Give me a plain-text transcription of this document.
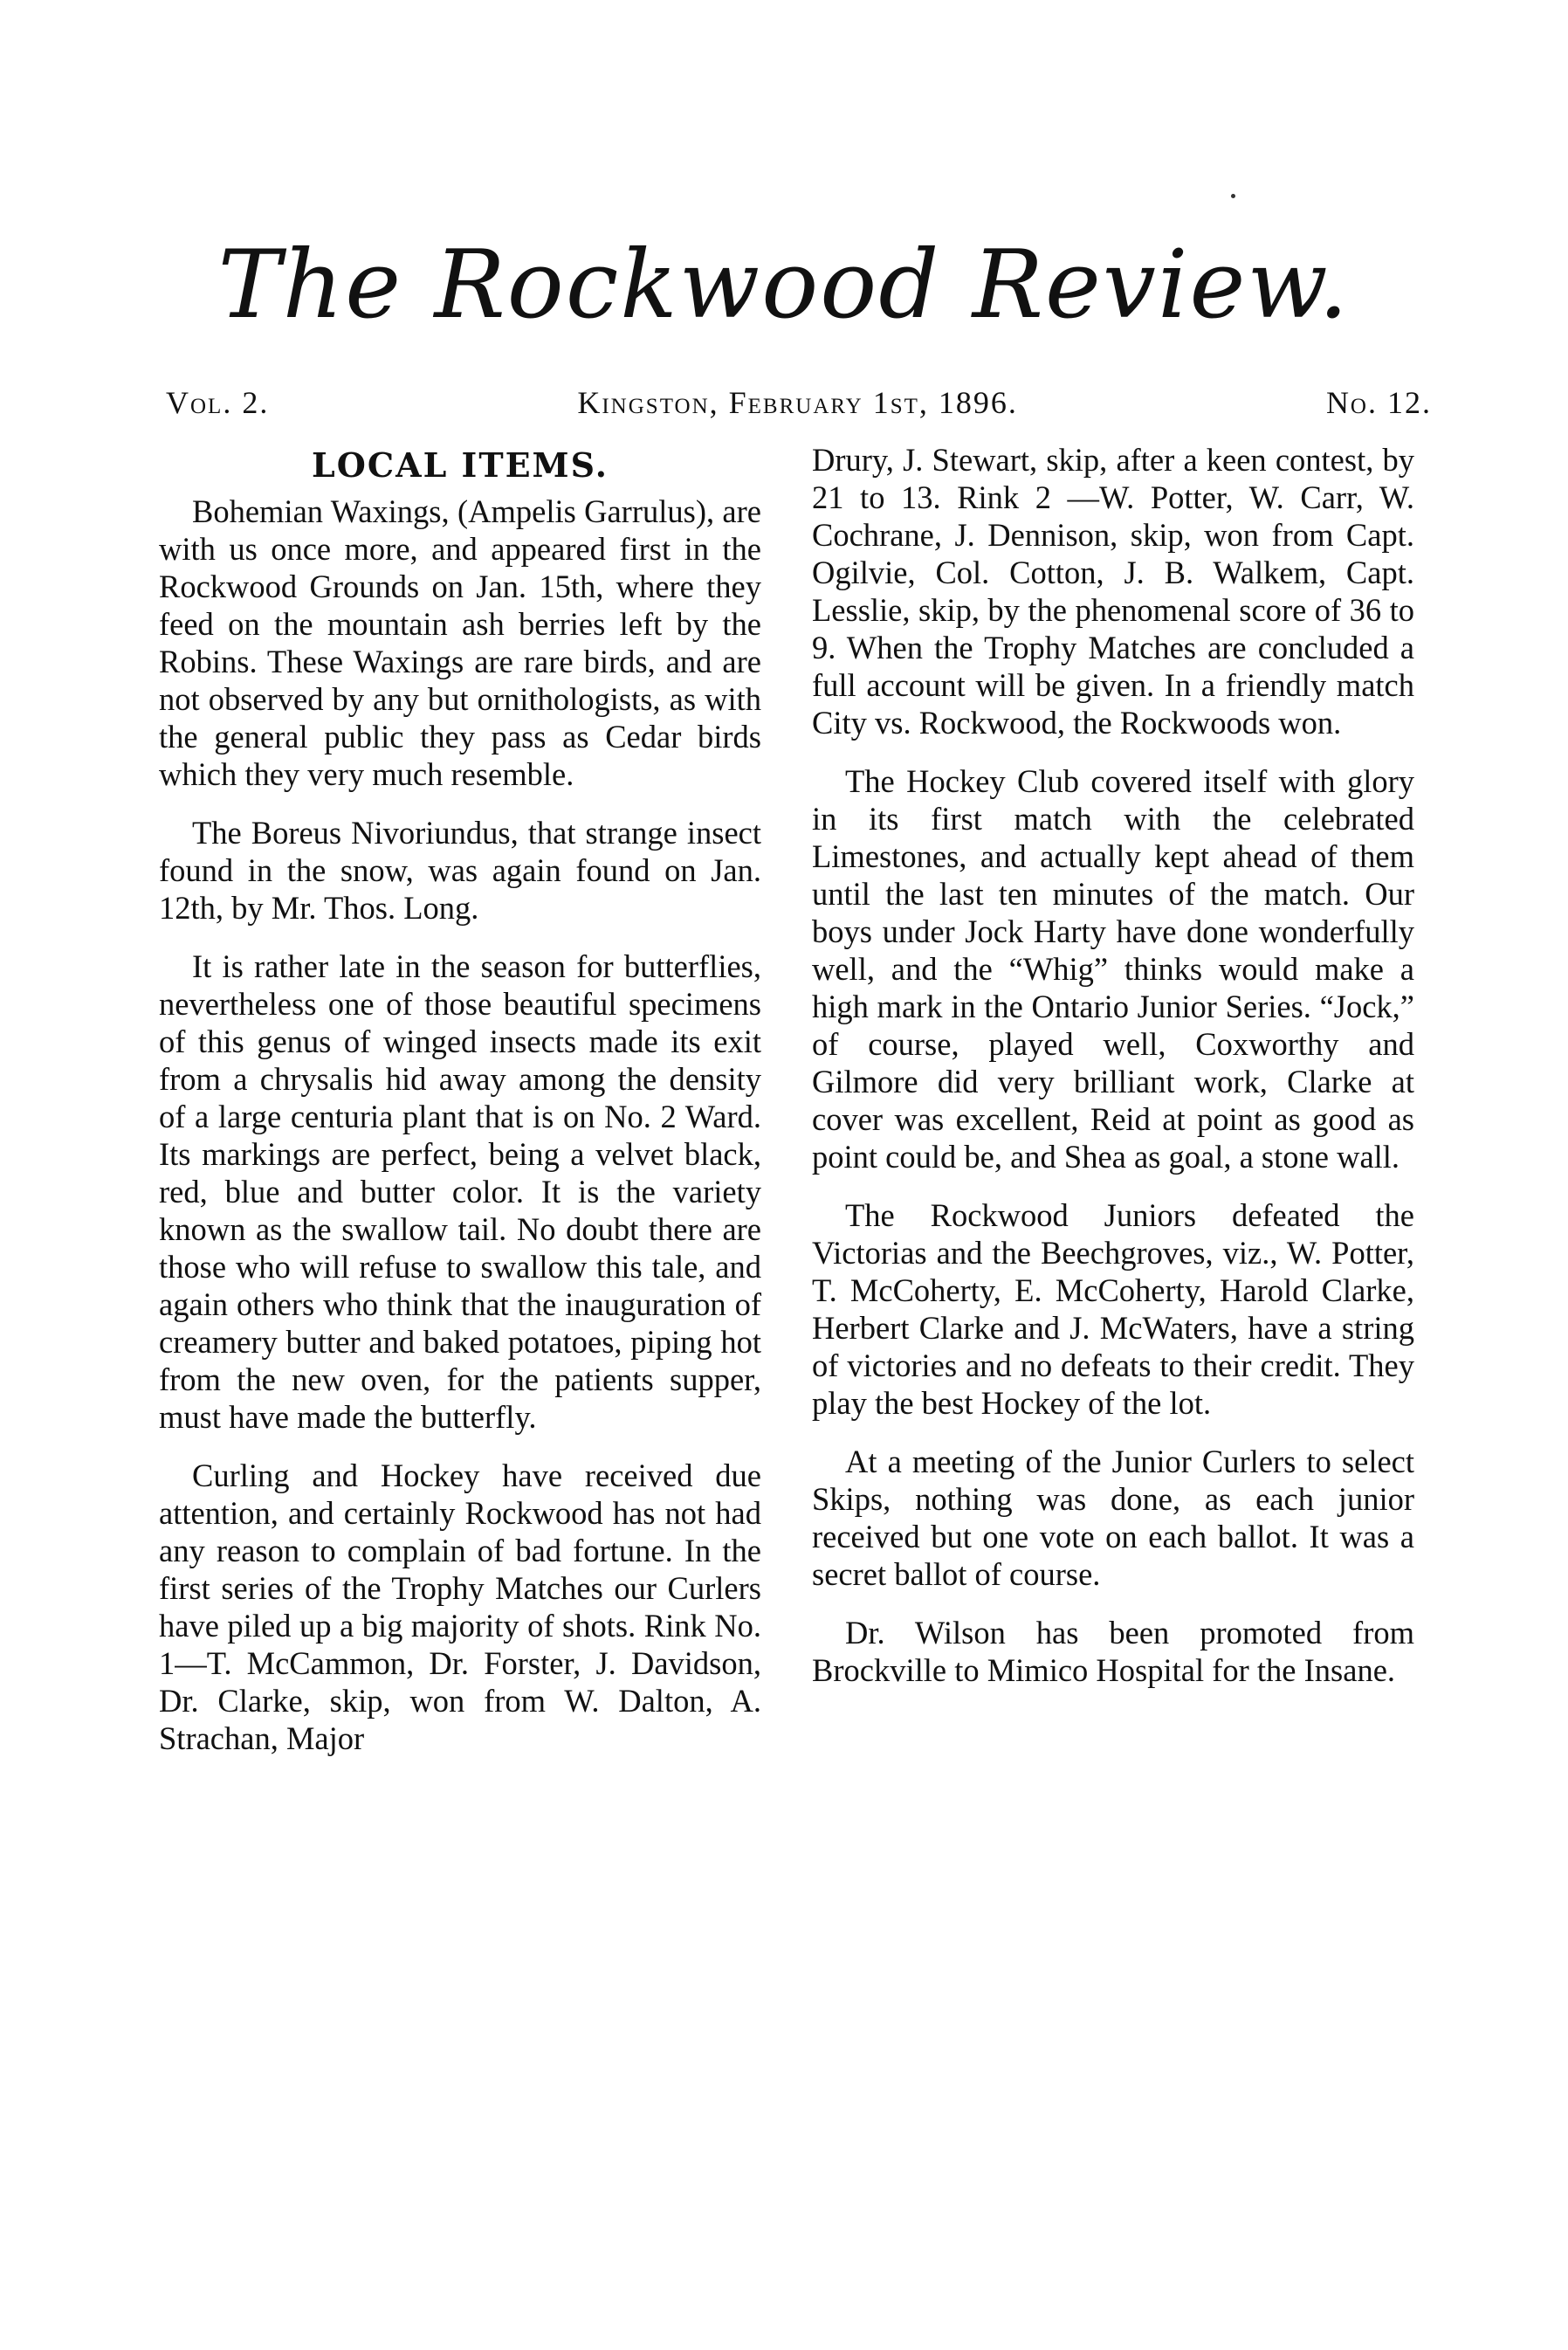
The Rockwood Review.
Vol. 2.	Kingston, February 1st, 1896.	No. 12.
LOCAL ITEMS.

Bohemian Waxings, (Ampelis Garrulus), are with us once more, and appeared first in the Rockwood Grounds on Jan. 15th, where they feed on the mountain ash berries left by the Robins. These Waxings are rare birds, and are not observed by any but ornithologists, as with the general public they pass as Cedar birds which they very much resemble.

The Boreus Nivoriundus, that strange insect found in the snow, was again found on Jan. 12th, by Mr. Thos. Long.

It is rather late in the season for butterflies, nevertheless one of those beautiful specimens of this genus of winged insects made its exit from a chrysalis hid away among the density of a large centuria plant that is on No. 2 Ward. Its markings are perfect, being a velvet black, red, blue and butter color. It is the variety known as the swallow tail. No doubt there are those who will refuse to swallow this tale, and again others who think that the inauguration of creamery butter and baked potatoes, piping hot from the new oven, for the patients supper, must have made the butterfly.

Curling and Hockey have received due attention, and certainly Rockwood has not had any reason to complain of bad fortune. In the first series of the Trophy Matches our Curlers have piled up a big majority of shots. Rink No. 1—T. McCammon, Dr. Forster, J. Davidson, Dr. Clarke, skip, won from W. Dalton, A. Strachan, Major

Drury, J. Stewart, skip, after a keen contest, by 21 to 13. Rink 2 —W. Potter, W. Carr, W. Cochrane, J. Dennison, skip, won from Capt. Ogilvie, Col. Cotton, J. B. Walkem, Capt. Lesslie, skip, by the phenomenal score of 36 to 9. When the Trophy Matches are concluded a full account will be given. In a friendly match City vs. Rockwood, the Rockwoods won.

The Hockey Club covered itself with glory in its first match with the celebrated Limestones, and actually kept ahead of them until the last ten minutes of the match. Our boys under Jock Harty have done wonderfully well, and the “Whig” thinks would make a high mark in the Ontario Junior Series. “Jock,” of course, played well, Coxworthy and Gilmore did very brilliant work, Clarke at cover was excellent, Reid at point as good as point could be, and Shea as goal, a stone wall.

The Rockwood Juniors defeated the Victorias and the Beechgroves, viz., W. Potter, T. McCoherty, E. McCoherty, Harold Clarke, Herbert Clarke and J. McWaters, have a string of victories and no defeats to their credit. They play the best Hockey of the lot.

At a meeting of the Junior Curlers to select Skips, nothing was done, as each junior received but one vote on each ballot. It was a secret ballot of course.

Dr. Wilson has been promoted from Brockville to Mimico Hospital for the Insane.
